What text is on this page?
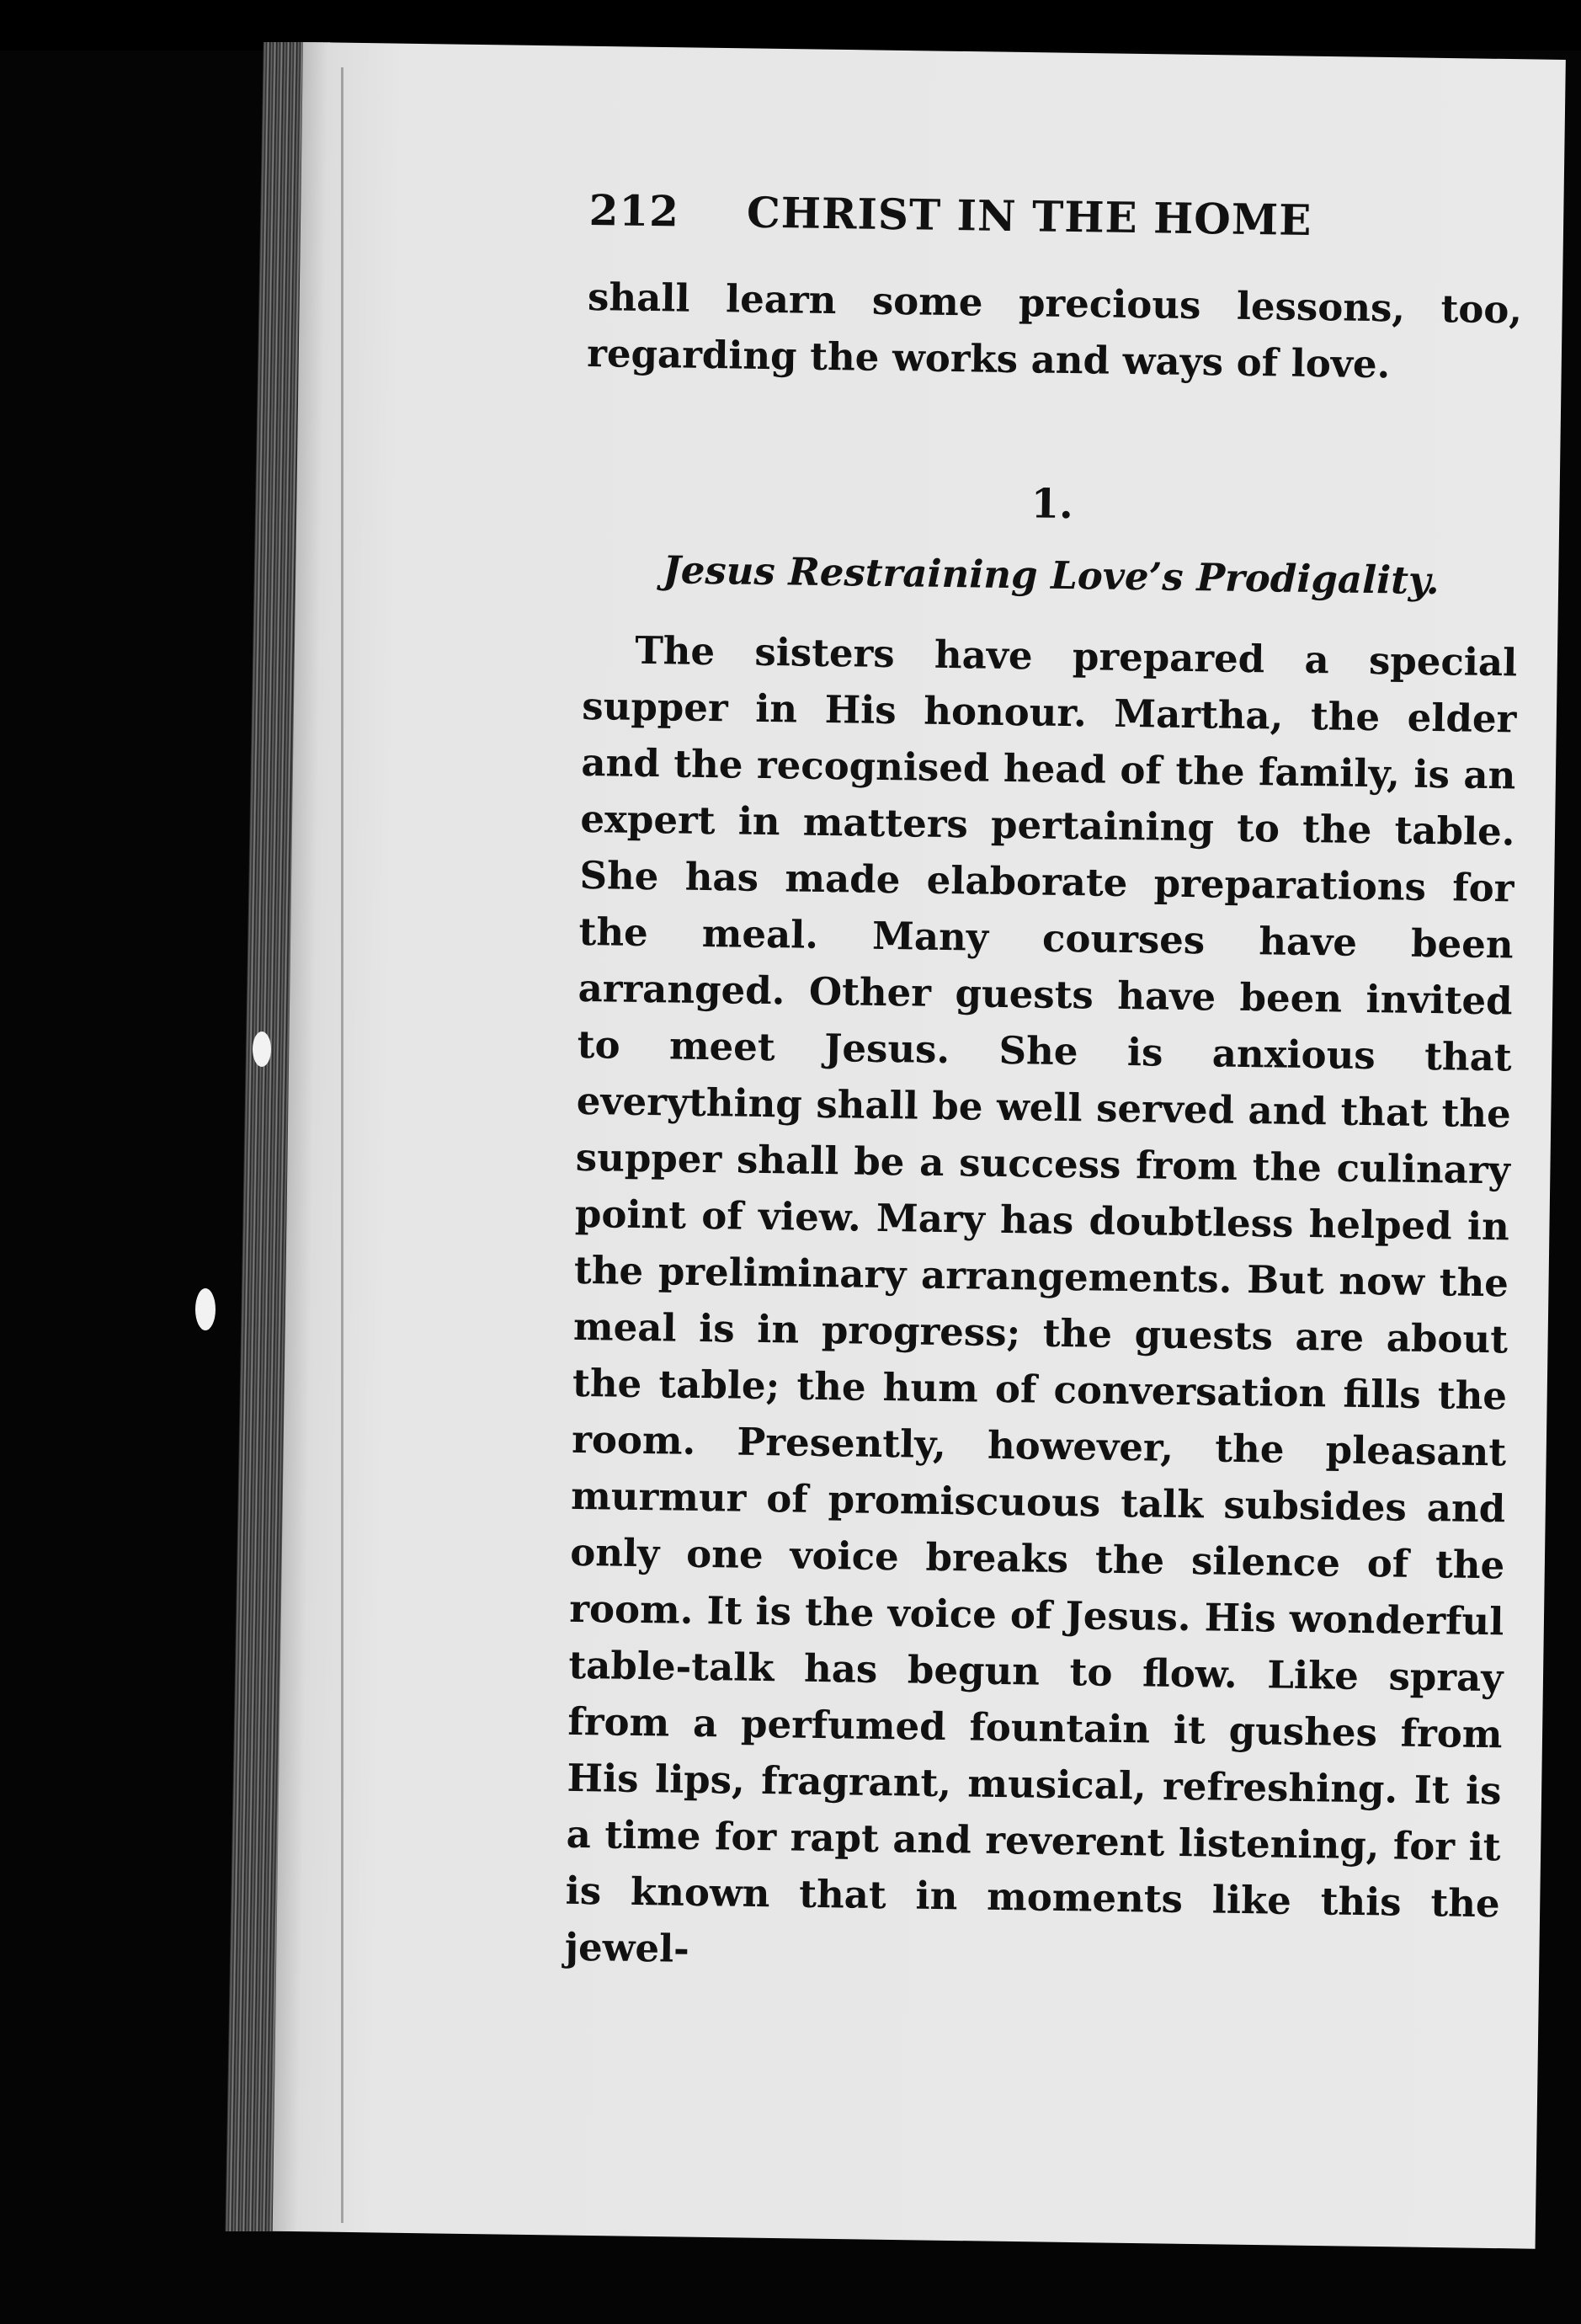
212 CHRIST IN THE HOME

shall learn some precious lessons, too, regarding the works and ways of love.

1.
Jesus Restraining Love’s Prodigality.

The sisters have prepared a special supper in His honour. Martha, the elder and the recognised head of the family, is an expert in matters pertaining to the table. She has made elaborate preparations for the meal. Many courses have been arranged. Other guests have been invited to meet Jesus. She is anxious that everything shall be well served and that the supper shall be a success from the culinary point of view. Mary has doubtless helped in the preliminary arrangements. But now the meal is in progress; the guests are about the table; the hum of conversation fills the room. Presently, however, the pleasant murmur of promiscuous talk subsides and only one voice breaks the silence of the room. It is the voice of Jesus. His wonderful table-talk has begun to flow. Like spray from a perfumed fountain it gushes from His lips, fragrant, musical, refreshing. It is a time for rapt and reverent listening, for it is known that in moments like this the jewel-
